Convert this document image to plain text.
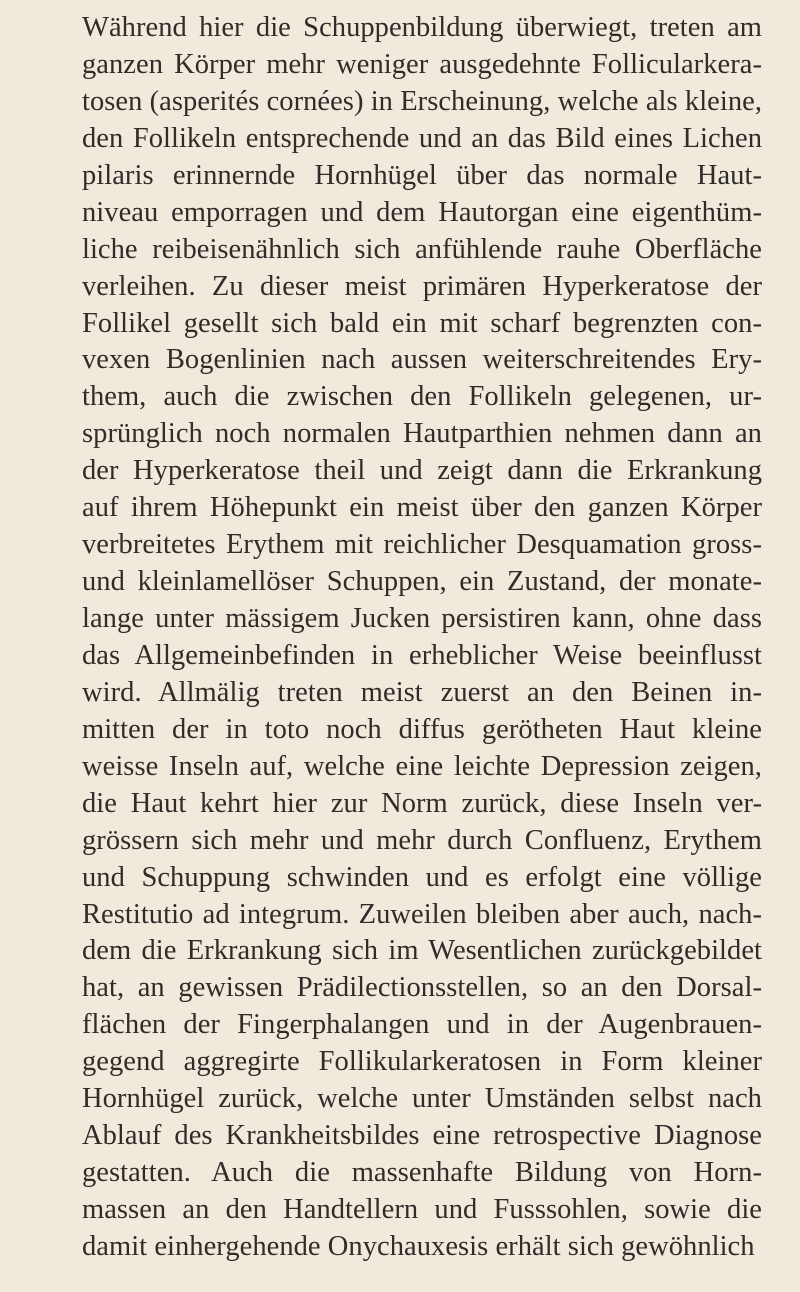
Während hier die Schuppenbildung überwiegt, treten am
ganzen Körper mehr weniger ausgedehnte Follicularkera-
tosen (asperités cornées) in Erscheinung, welche als kleine,
den Follikeln entsprechende und an das Bild eines Lichen
pilaris erinnernde Hornhügel über das normale Haut-
niveau emporragen und dem Hautorgan eine eigenthüm-
liche reibeisenähnlich sich anfühlende rauhe Oberfläche
verleihen. Zu dieser meist primären Hyperkeratose der
Follikel gesellt sich bald ein mit scharf begrenzten con-
vexen Bogenlinien nach aussen weiterschreitendes Ery-
them, auch die zwischen den Follikeln gelegenen, ur-
sprünglich noch normalen Hautparthien nehmen dann an
der Hyperkeratose theil und zeigt dann die Erkrankung
auf ihrem Höhepunkt ein meist über den ganzen Körper
verbreitetes Erythem mit reichlicher Desquamation gross-
und kleinlamellöser Schuppen, ein Zustand, der monate-
lange unter mässigem Jucken persistiren kann, ohne dass
das Allgemeinbefinden in erheblicher Weise beeinflusst
wird. Allmälig treten meist zuerst an den Beinen in-
mitten der in toto noch diffus gerötheten Haut kleine
weisse Inseln auf, welche eine leichte Depression zeigen,
die Haut kehrt hier zur Norm zurück, diese Inseln ver-
grössern sich mehr und mehr durch Confluenz, Erythem
und Schuppung schwinden und es erfolgt eine völlige
Restitutio ad integrum. Zuweilen bleiben aber auch, nach-
dem die Erkrankung sich im Wesentlichen zurückgebildet
hat, an gewissen Prädilectionsstellen, so an den Dorsal-
flächen der Fingerphalangen und in der Augenbrauen-
gegend aggregirte Follikularkeratosen in Form kleiner
Hornhügel zurück, welche unter Umständen selbst nach
Ablauf des Krankheitsbildes eine retrospective Diagnose
gestatten. Auch die massenhafte Bildung von Horn-
massen an den Handtellern und Fusssohlen, sowie die
damit einhergehende Onychauxesis erhält sich gewöhnlich
